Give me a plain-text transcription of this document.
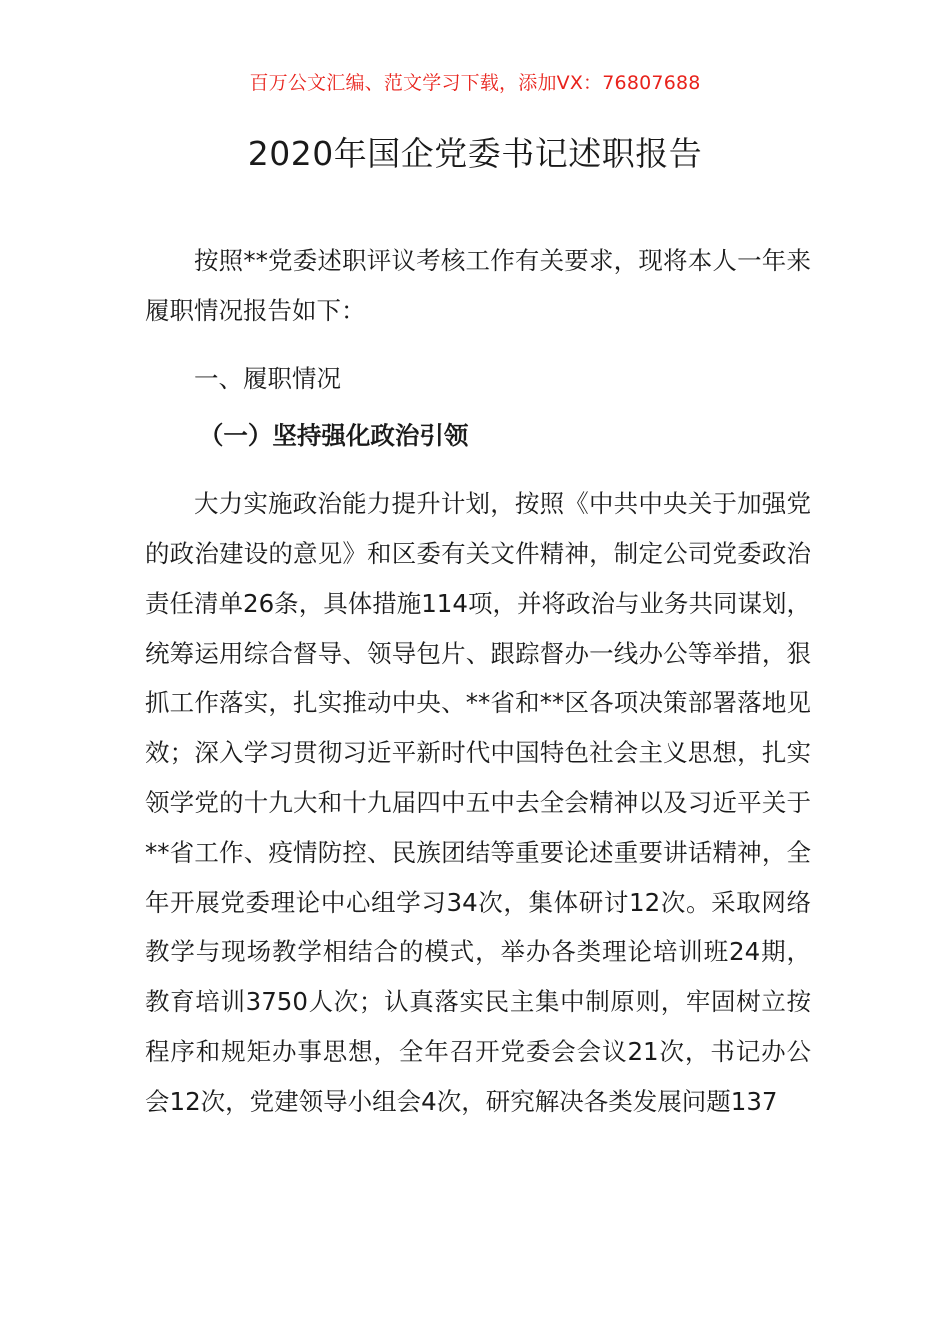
百万公文汇编、范文学习下载，添加VX：76807688
2020年国企党委书记述职报告

按照**党委述职评议考核工作有关要求，现将本人一年来履职情况报告如下：

一、履职情况

（一）坚持强化政治引领

大力实施政治能力提升计划，按照《中共中央关于加强党的政治建设的意见》和区委有关文件精神，制定公司党委政治责任清单26条，具体措施114项，并将政治与业务共同谋划，统筹运用综合督导、领导包片、跟踪督办一线办公等举措，狠抓工作落实，扎实推动中央、**省和**区各项决策部署落地见效；深入学习贯彻习近平新时代中国特色社会主义思想，扎实领学党的十九大和十九届四中五中去全会精神以及习近平关于**省工作、疫情防控、民族团结等重要论述重要讲话精神，全年开展党委理论中心组学习34次，集体研讨12次。采取网络教学与现场教学相结合的模式，举办各类理论培训班24期，教育培训3750人次；认真落实民主集中制原则，牢固树立按程序和规矩办事思想，全年召开党委会会议21次，书记办公会12次，党建领导小组会4次，研究解决各类发展问题137
